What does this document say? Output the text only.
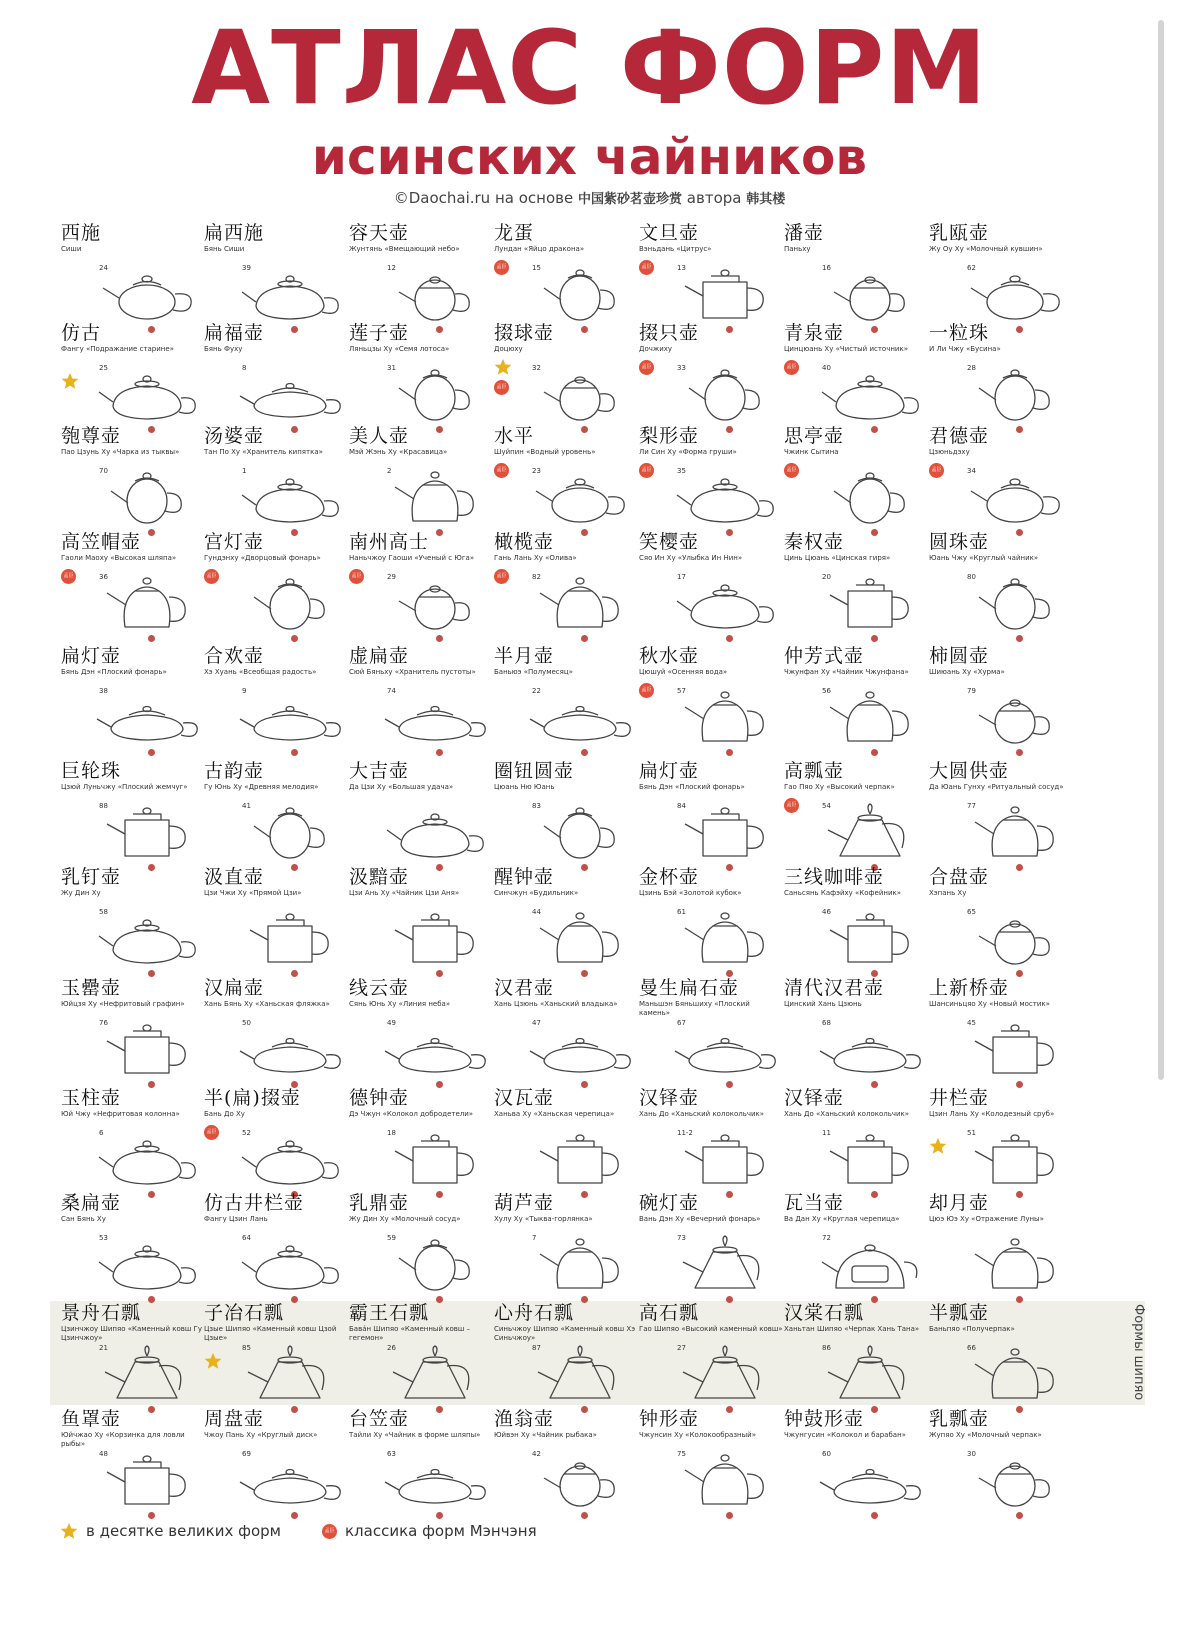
АТЛАС ФОРМ
исинских чайников
©Daochai.ru на основе 中国紫砂茗壶珍赏 автора 韩其楼
Формы шипяо
西施
Сиши
24
扁西施
Бянь Сиши
39
容天壶
Жунтянь «Вмещающий небо»
12
龙蛋
Лундан «Яйцо дракона»
15
孟臣
文旦壶
Вэньдань «Цитрус»
13
孟臣
潘壶
Паньху
16
乳瓯壶
Жу Оу Ху «Молочный кувшин»
62
仿古
Фангу «Подражание старине»
25
扁福壶
Бянь Фуху
8
莲子壶
Ляньцзы Ху «Семя лотоса»
31
掇球壶
Доцюху
32
孟臣
掇只壶
Дочжиху
33
孟臣
青泉壶
Цинцюань Ху «Чистый источник»
40
孟臣
一粒珠
И Ли Чжу «Бусина»
28
匏尊壶
Пао Цзунь Ху «Чарка из тыквы»
70
汤婆壶
Тан По Ху «Хранитель кипятка»
1
美人壶
Мэй Жэнь Ху «Красавица»
2
水平
Шуйпин «Водный уровень»
23
孟臣
梨形壶
Ли Син Ху «Форма груши»
35
孟臣
思亭壶
Чжинк Сытина
孟臣
君德壶
Цзюньдэху
34
孟臣
高笠帽壶
Гаоли Маоху «Высокая шляпа»
36
孟臣
宫灯壶
Гундэнху «Дворцовый фонарь»
孟臣
南州高士
Наньчжоу Гаоши «Ученый с Юга»
29
孟臣
橄榄壶
Гань Лань Ху «Олива»
82
孟臣
笑樱壶
Сяо Ин Ху «Улыбка Ин Нин»
17
秦权壶
Цинь Цюань «Цинская гиря»
20
圆珠壶
Юань Чжу «Круглый чайник»
80
扁灯壶
Бянь Дэн «Плоский фонарь»
38
合欢壶
Хэ Хуань «Всеобщая радость»
9
虚扁壶
Сюй Бяньху «Хранитель пустоты»
74
半月壶
Баньюэ «Полумесяц»
22
秋水壶
Цюшуй «Осенняя вода»
57
孟臣
仲芳式壶
Чжунфан Ху «Чайник Чжунфана»
56
柿圆壶
Шиюань Ху «Хурма»
79
巨轮珠
Цзюй Луньчжу «Плоский жемчуг»
88
古韵壶
Гу Юнь Ху «Древняя мелодия»
41
大吉壶
Да Цзи Ху «Большая удача»
圈钮圆壶
Цюань Ню Юань
83
扁灯壶
Бянь Дэн «Плоский фонарь»
84
高瓢壶
Гао Пяо Ху «Высокий черпак»
54
孟臣
大圆供壶
Да Юань Гунху «Ритуальный сосуд»
77
乳钉壶
Жу Дин Ху
58
汲直壶
Цзи Чжи Ху «Прямой Цзи»
汲黯壶
Цзи Ань Ху «Чайник Цзи Аня»
醒钟壶
Синчжун «Будильник»
44
金杯壶
Цзинь Бэй «Золотой кубок»
61
三线咖啡壶
Саньсянь Кафэйху «Кофейник»
46
合盘壶
Хэпань Ху
65
玉罍壶
Юйцзя Ху «Нефритовый графин»
76
汉扁壶
Хань Бянь Ху «Ханьская фляжка»
50
线云壶
Сянь Юнь Ху «Линия неба»
49
汉君壶
Хань Цзюнь «Ханьский владыка»
47
曼生扁石壶
Маньшэн Бяньшиху «Плоский камень»
67
清代汉君壶
Цинский Хань Цзюнь
68
上新桥壶
Шансиньцяо Ху «Новый мостик»
45
玉柱壶
Юй Чжу «Нефритовая колонна»
6
半(扁)掇壶
Бань До Ху
52
孟臣
德钟壶
Дэ Чжун «Колокол добродетели»
18
汉瓦壶
Ханьва Ху «Ханьская черепица»
汉铎壶
Хань До «Ханьский колокольчик»
11-2
汉铎壶
Хань До «Ханьский колокольчик»
11
井栏壶
Цзин Лань Ху «Колодезный сруб»
51
桑扁壶
Сан Бянь Ху
53
仿古井栏壶
Фангу Цзин Лань
64
乳鼎壶
Жу Дин Ху «Молочный сосуд»
59
葫芦壶
Хулу Ху «Тыква-горлянка»
7
碗灯壶
Вань Дэн Ху «Вечерний фонарь»
73
瓦当壶
Ва Дан Ху «Круглая черепица»
72
却月壶
Цюэ Юэ Ху «Отражение Луны»
景舟石瓢
Цзинчжоу Шипяо «Каменный ковш Гу Цзинчжоу»
21
子冶石瓢
Цзые Шипяо «Каменный ковш Цзой Цзые»
85
霸王石瓢
Бавáн Шипяо «Каменный ковш – гегемон»
26
心舟石瓢
Синьчжоу Шипяо «Каменный ковш Хэ Синьчжоу»
87
高石瓢
Гао Шипяо «Высокий каменный ковш»
27
汉棠石瓢
Ханьтан Шипяо «Черпак Хань Тана»
86
半瓢壶
Баньпяо «Получерпак»
66
鱼罩壶
Юйчжао Ху «Корзинка для ловли рыбы»
48
周盘壶
Чжоу Пань Ху «Круглый диск»
69
台笠壶
Тайли Ху «Чайник в форме шляпы»
63
渔翁壶
Юйвэн Ху «Чайник рыбака»
42
钟形壶
Чжунсин Ху «Колокообразный»
75
钟鼓形壶
Чжунгусин «Колокол и барабан»
60
乳瓢壶
Жупяо Ху «Молочный черпак»
30
в десятке великих форм	孟臣 классика форм Мэнчэня
